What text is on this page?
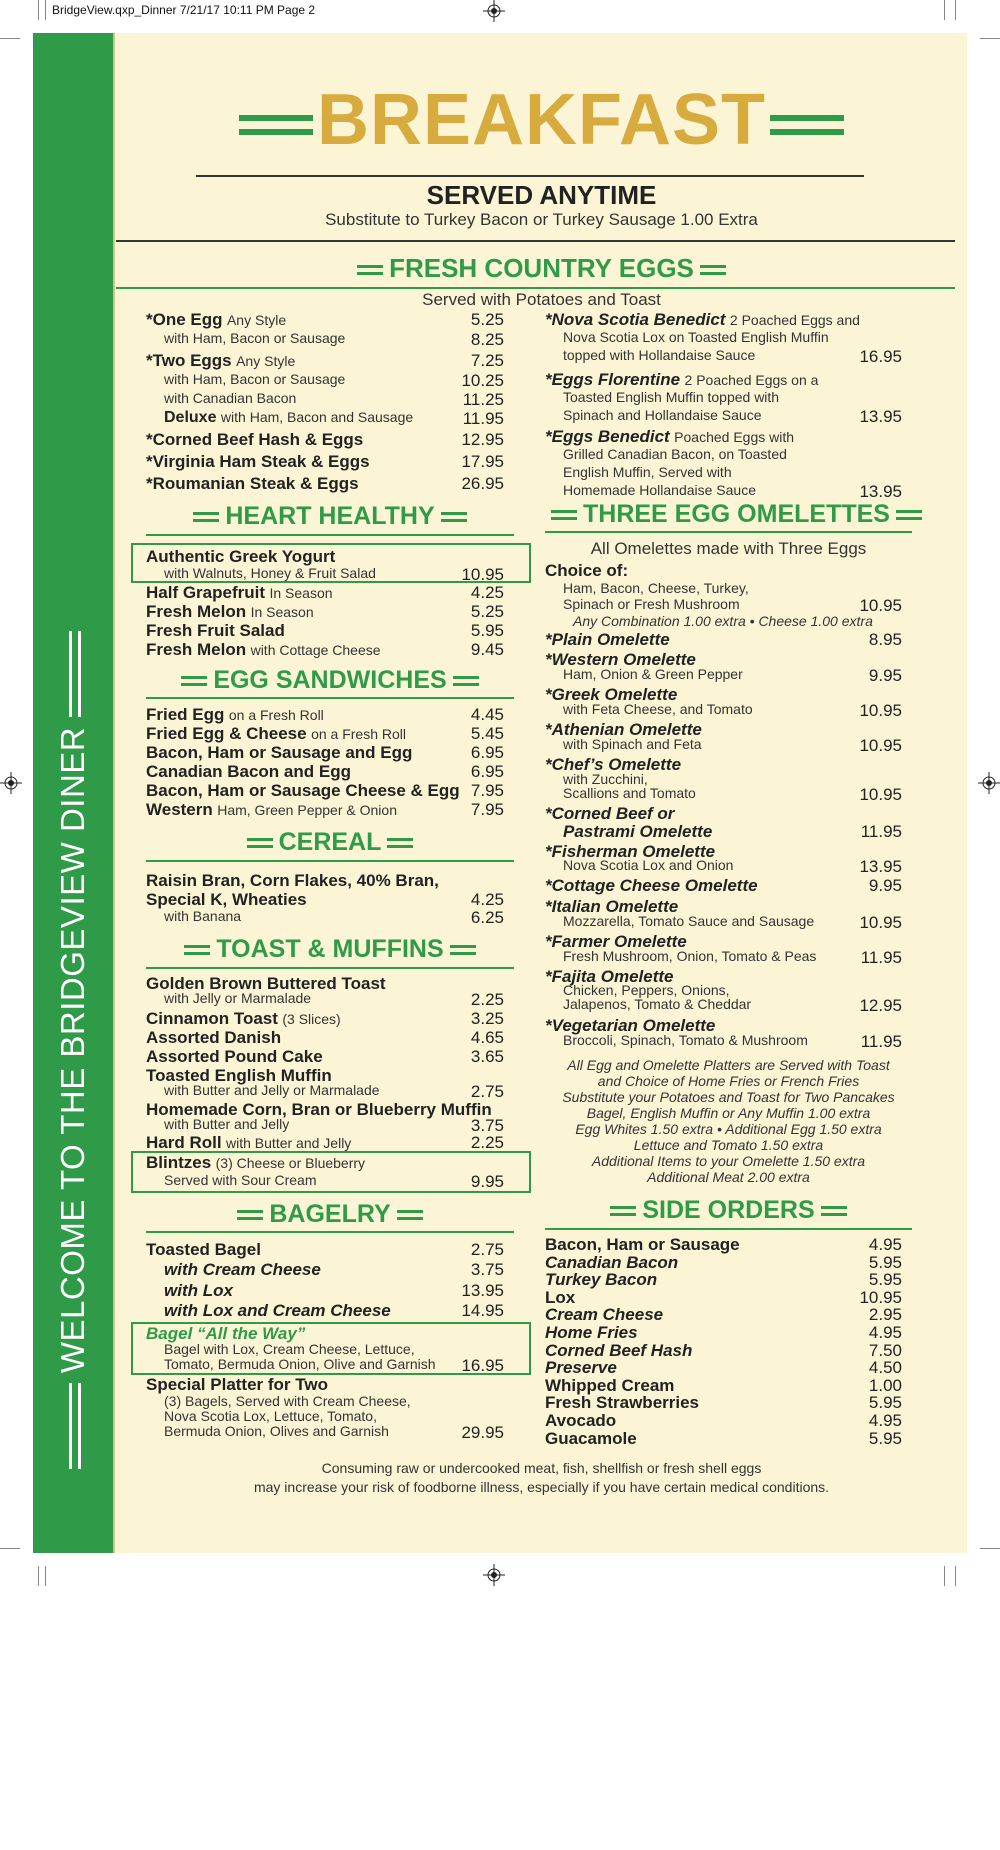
BridgeView.qxp_Dinner 7/21/17 10:11 PM Page 2
WELCOME TO THE BRIDGEVIEW DINER
BREAKFAST
SERVED ANYTIME
Substitute to Turkey Bacon or Turkey Sausage 1.00 Extra
FRESH COUNTRY EGGS
Served with Potatoes and Toast
*One Egg Any Style	5.25
with Ham, Bacon or Sausage	8.25
*Two Eggs Any Style	7.25
with Ham, Bacon or Sausage	10.25
with Canadian Bacon	11.25
Deluxe with Ham, Bacon and Sausage	11.95
*Corned Beef Hash & Eggs	12.95
*Virginia Ham Steak & Eggs	17.95
*Roumanian Steak & Eggs	26.95
*Nova Scotia Benedict 2 Poached Eggs and
Nova Scotia Lox on Toasted English Muffin
topped with Hollandaise Sauce	16.95
*Eggs Florentine 2 Poached Eggs on a
Toasted English Muffin topped with
Spinach and Hollandaise Sauce	13.95
*Eggs Benedict Poached Eggs with
Grilled Canadian Bacon, on Toasted
English Muffin, Served with
Homemade Hollandaise Sauce	13.95
HEART HEALTHY
Authentic Greek Yogurt
with Walnuts, Honey & Fruit Salad	10.95
Half Grapefruit In Season	4.25
Fresh Melon In Season	5.25
Fresh Fruit Salad	5.95
Fresh Melon with Cottage Cheese	9.45
EGG SANDWICHES
Fried Egg on a Fresh Roll	4.45
Fried Egg & Cheese on a Fresh Roll	5.45
Bacon, Ham or Sausage and Egg	6.95
Canadian Bacon and Egg	6.95
Bacon, Ham or Sausage Cheese & Egg 7.95
Western Ham, Green Pepper & Onion	7.95
CEREAL
Raisin Bran, Corn Flakes, 40% Bran,
Special K, Wheaties	4.25
with Banana	6.25
TOAST & MUFFINS
Golden Brown Buttered Toast
with Jelly or Marmalade	2.25
Cinnamon Toast (3 Slices)	3.25
Assorted Danish	4.65
Assorted Pound Cake	3.65
Toasted English Muffin
with Butter and Jelly or Marmalade	2.75
Homemade Corn, Bran or Blueberry Muffin
with Butter and Jelly	3.75
Hard Roll with Butter and Jelly	2.25
Blintzes (3) Cheese or Blueberry
Served with Sour Cream	9.95
BAGELRY
Toasted Bagel	2.75
with Cream Cheese	3.75
with Lox	13.95
with Lox and Cream Cheese	14.95
Bagel “All the Way”
Bagel with Lox, Cream Cheese, Lettuce,
Tomato, Bermuda Onion, Olive and Garnish 16.95
Special Platter for Two
(3) Bagels, Served with Cream Cheese,
Nova Scotia Lox, Lettuce, Tomato,
Bermuda Onion, Olives and Garnish	29.95
THREE EGG OMELETTES
All Omelettes made with Three Eggs
Choice of:
Ham, Bacon, Cheese, Turkey,
Spinach or Fresh Mushroom	10.95
Any Combination 1.00 extra • Cheese 1.00 extra
*Plain Omelette	8.95
*Western Omelette
Ham, Onion & Green Pepper	9.95
*Greek Omelette
with Feta Cheese, and Tomato	10.95
*Athenian Omelette
with Spinach and Feta	10.95
*Chef’s Omelette
with Zucchini,
Scallions and Tomato	10.95
*Corned Beef or
Pastrami Omelette	11.95
*Fisherman Omelette
Nova Scotia Lox and Onion	13.95
*Cottage Cheese Omelette	9.95
*Italian Omelette
Mozzarella, Tomato Sauce and Sausage	10.95
*Farmer Omelette
Fresh Mushroom, Onion, Tomato & Peas	11.95
*Fajita Omelette
Chicken, Peppers, Onions,
Jalapenos, Tomato & Cheddar	12.95
*Vegetarian Omelette
Broccoli, Spinach, Tomato & Mushroom	11.95
All Egg and Omelette Platters are Served with Toast
and Choice of Home Fries or French Fries
Substitute your Potatoes and Toast for Two Pancakes
Bagel, English Muffin or Any Muffin 1.00 extra
Egg Whites 1.50 extra • Additional Egg 1.50 extra
Lettuce and Tomato 1.50 extra
Additional Items to your Omelette 1.50 extra
Additional Meat 2.00 extra
SIDE ORDERS
Bacon, Ham or Sausage	4.95
Canadian Bacon	5.95
Turkey Bacon	5.95
Lox	10.95
Cream Cheese	2.95
Home Fries	4.95
Corned Beef Hash	7.50
Preserve	4.50
Whipped Cream	1.00
Fresh Strawberries	5.95
Avocado	4.95
Guacamole	5.95
Consuming raw or undercooked meat, fish, shellfish or fresh shell eggs
may increase your risk of foodborne illness, especially if you have certain medical conditions.
